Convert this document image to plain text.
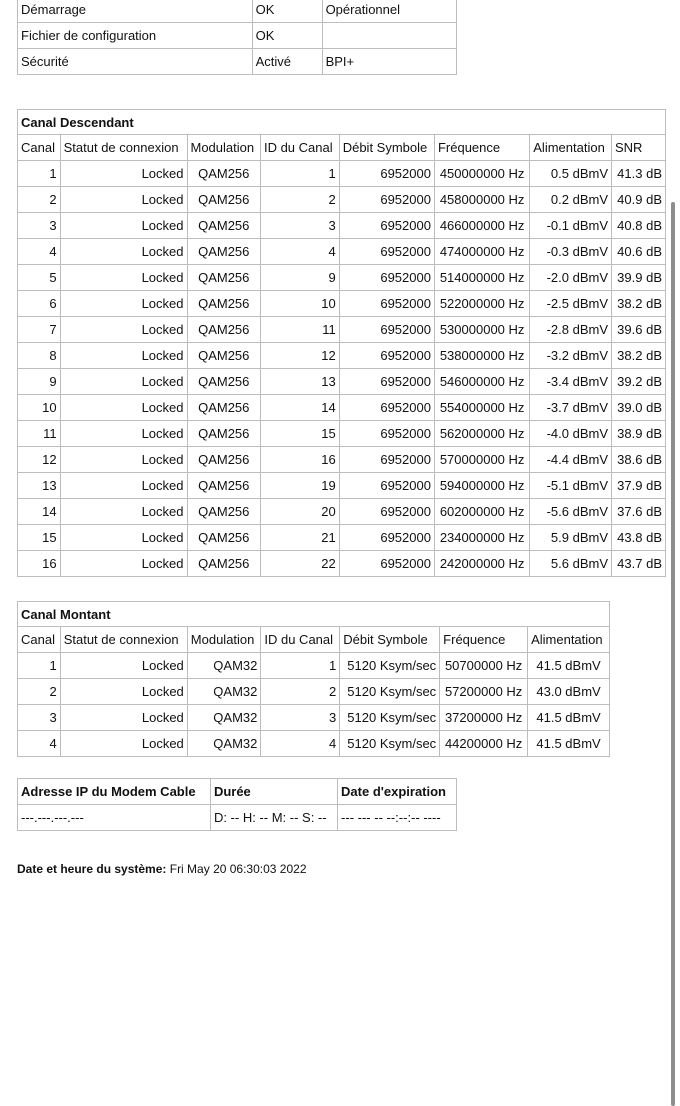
Démarrage	OK	Opérationnel
Fichier de configuration	OK	
Sécurité	Activé	BPI+
Canal Descendant							
Canal	Statut de connexion	Modulation	ID du Canal	Débit Symbole	Fréquence	Alimentation	SNR
1	Locked	QAM256	1	6952000	450000000 Hz	0.5 dBmV	41.3 dB
2	Locked	QAM256	2	6952000	458000000 Hz	0.2 dBmV	40.9 dB
3	Locked	QAM256	3	6952000	466000000 Hz	-0.1 dBmV	40.8 dB
4	Locked	QAM256	4	6952000	474000000 Hz	-0.3 dBmV	40.6 dB
5	Locked	QAM256	9	6952000	514000000 Hz	-2.0 dBmV	39.9 dB
6	Locked	QAM256	10	6952000	522000000 Hz	-2.5 dBmV	38.2 dB
7	Locked	QAM256	11	6952000	530000000 Hz	-2.8 dBmV	39.6 dB
8	Locked	QAM256	12	6952000	538000000 Hz	-3.2 dBmV	38.2 dB
9	Locked	QAM256	13	6952000	546000000 Hz	-3.4 dBmV	39.2 dB
10	Locked	QAM256	14	6952000	554000000 Hz	-3.7 dBmV	39.0 dB
11	Locked	QAM256	15	6952000	562000000 Hz	-4.0 dBmV	38.9 dB
12	Locked	QAM256	16	6952000	570000000 Hz	-4.4 dBmV	38.6 dB
13	Locked	QAM256	19	6952000	594000000 Hz	-5.1 dBmV	37.9 dB
14	Locked	QAM256	20	6952000	602000000 Hz	-5.6 dBmV	37.6 dB
15	Locked	QAM256	21	6952000	234000000 Hz	5.9 dBmV	43.8 dB
16	Locked	QAM256	22	6952000	242000000 Hz	5.6 dBmV	43.7 dB
Canal Montant						
Canal	Statut de connexion	Modulation	ID du Canal	Débit Symbole	Fréquence	Alimentation
1	Locked	QAM32	1	5120 Ksym/sec	50700000 Hz	41.5 dBmV
2	Locked	QAM32	2	5120 Ksym/sec	57200000 Hz	43.0 dBmV
3	Locked	QAM32	3	5120 Ksym/sec	37200000 Hz	41.5 dBmV
4	Locked	QAM32	4	5120 Ksym/sec	44200000 Hz	41.5 dBmV
Adresse IP du Modem Cable	Durée	Date d'expiration
---.---.---.---	D: -- H: -- M: -- S: --	--- --- -- --:--:-- ----
Date et heure du système: Fri May 20 06:30:03 2022
